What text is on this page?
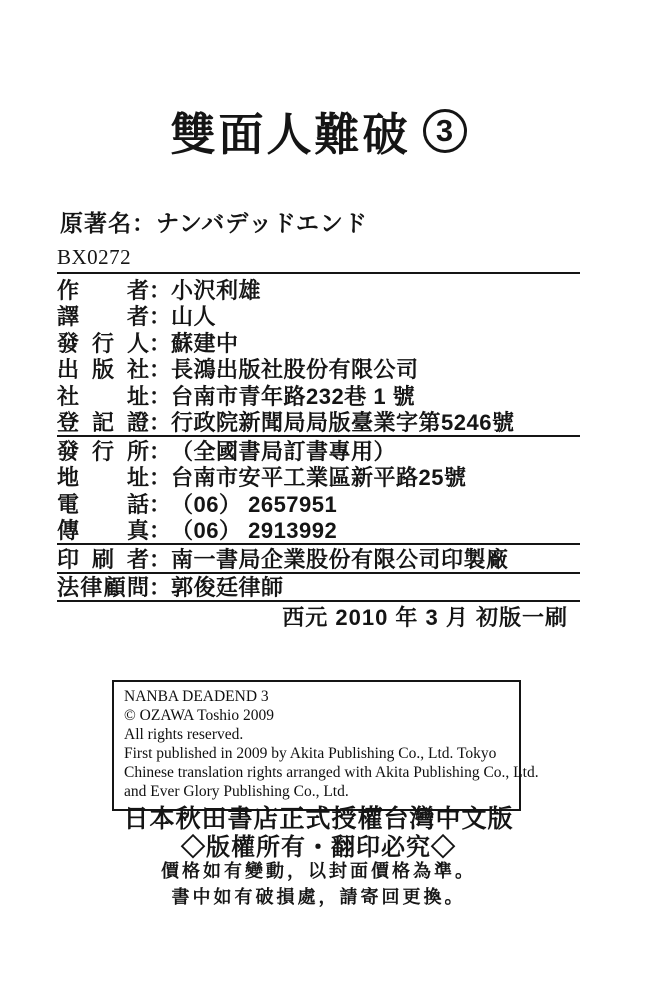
雙面人難破 3
原著名：ナンバデッドエンド
BX0272
作 者 ： 小沢利雄
譯 者 ： 山人
發 行 人 ： 蘇建中
出 版 社 ： 長鴻出版社股份有限公司
社 址 ： 台南市青年路232巷 1 號
登 記 證 ： 行政院新聞局局版臺業字第5246號
發 行 所 ： （全國書局訂書專用）
地 址 ： 台南市安平工業區新平路25號
電 話 ： （06） 2657951
傳 真 ： （06） 2913992
印 刷 者 ： 南一書局企業股份有限公司印製廠
法 律 顧 問 ： 郭俊廷律師
西元 2010 年 3 月 初版一刷
NANBA DEADEND 3
© OZAWA Toshio 2009
All rights reserved.
First published in 2009 by Akita Publishing Co., Ltd. Tokyo
Chinese translation rights arranged with Akita Publishing Co., Ltd.
and Ever Glory Publishing Co., Ltd.
日本秋田書店正式授權台灣中文版
◇版權所有・翻印必究◇
價格如有變動，以封面價格為準。
書中如有破損處，請寄回更換。
